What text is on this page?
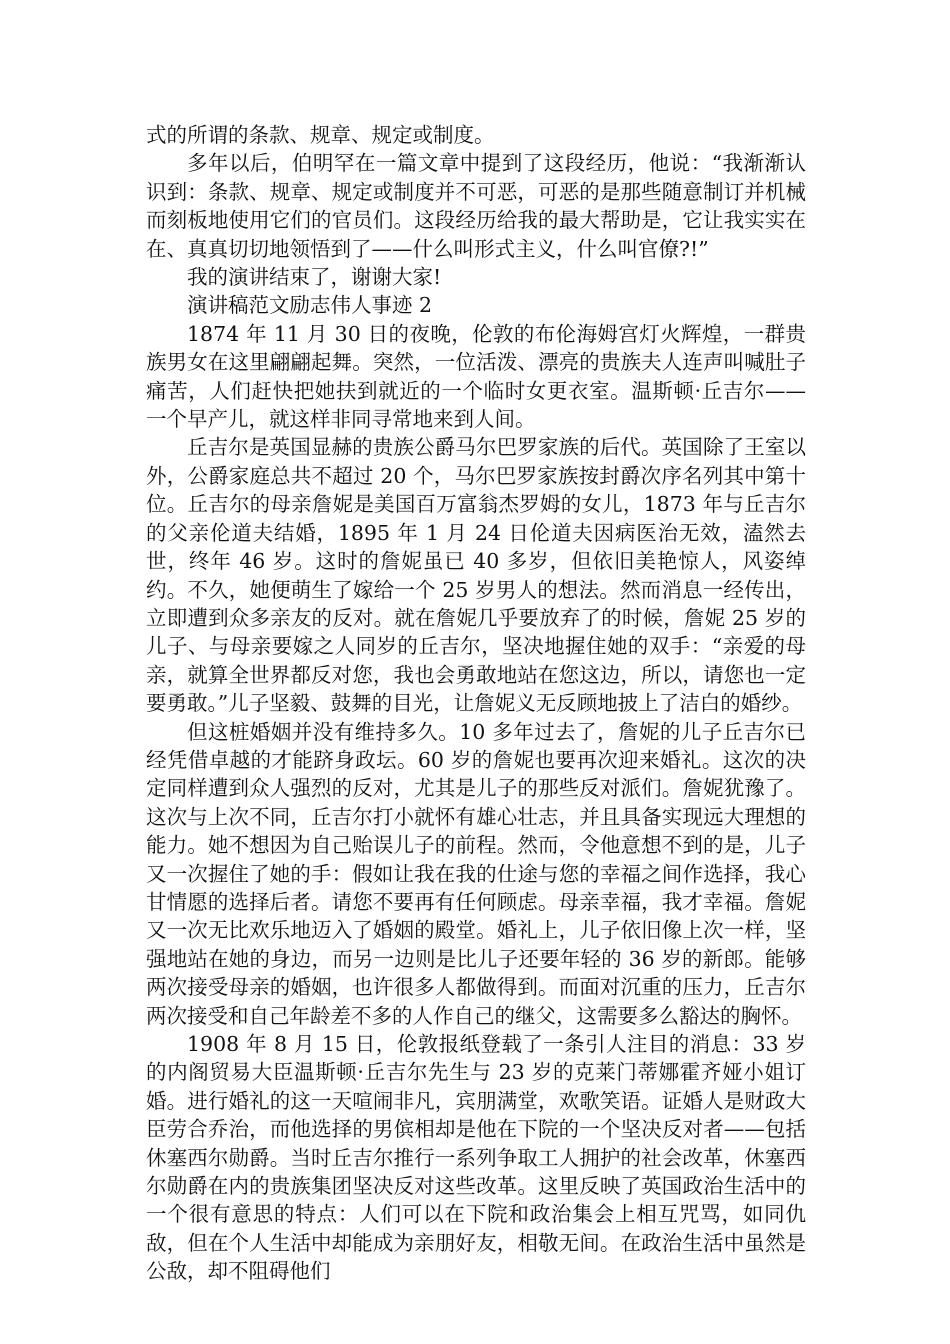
式的所谓的条款、规章、规定或制度。

多年以后，伯明罕在一篇文章中提到了这段经历，他说：“我渐渐认识到：条款、规章、规定或制度并不可恶，可恶的是那些随意制订并机械而刻板地使用它们的官员们。这段经历给我的最大帮助是，它让我实实在在、真真切切地领悟到了——什么叫形式主义，什么叫官僚?!”

我的演讲结束了，谢谢大家!

演讲稿范文励志伟人事迹 2

1874 年 11 月 30 日的夜晚，伦敦的布伦海姆宫灯火辉煌，一群贵族男女在这里翩翩起舞。突然，一位活泼、漂亮的贵族夫人连声叫喊肚子痛苦，人们赶快把她扶到就近的一个临时女更衣室。温斯顿·丘吉尔——一个早产儿，就这样非同寻常地来到人间。

丘吉尔是英国显赫的贵族公爵马尔巴罗家族的后代。英国除了王室以外，公爵家庭总共不超过 20 个，马尔巴罗家族按封爵次序名列其中第十位。丘吉尔的母亲詹妮是美国百万富翁杰罗姆的女儿，1873 年与丘吉尔的父亲伦道夫结婚，1895 年 1 月 24 日伦道夫因病医治无效，溘然去世，终年 46 岁。这时的詹妮虽已 40 多岁，但依旧美艳惊人，风姿绰约。不久，她便萌生了嫁给一个 25 岁男人的想法。然而消息一经传出，立即遭到众多亲友的反对。就在詹妮几乎要放弃了的时候，詹妮 25 岁的儿子、与母亲要嫁之人同岁的丘吉尔，坚决地握住她的双手：“亲爱的母亲，就算全世界都反对您，我也会勇敢地站在您这边，所以，请您也一定要勇敢。”儿子坚毅、鼓舞的目光，让詹妮义无反顾地披上了洁白的婚纱。

但这桩婚姻并没有维持多久。10 多年过去了，詹妮的儿子丘吉尔已经凭借卓越的才能跻身政坛。60 岁的詹妮也要再次迎来婚礼。这次的决定同样遭到众人强烈的反对，尤其是儿子的那些反对派们。詹妮犹豫了。这次与上次不同，丘吉尔打小就怀有雄心壮志，并且具备实现远大理想的能力。她不想因为自己贻误儿子的前程。然而，令他意想不到的是，儿子又一次握住了她的手：假如让我在我的仕途与您的幸福之间作选择，我心甘情愿的选择后者。请您不要再有任何顾虑。母亲幸福，我才幸福。詹妮又一次无比欢乐地迈入了婚姻的殿堂。婚礼上，儿子依旧像上次一样，坚强地站在她的身边，而另一边则是比儿子还要年轻的 36 岁的新郎。能够两次接受母亲的婚姻，也许很多人都做得到。而面对沉重的压力，丘吉尔两次接受和自己年龄差不多的人作自己的继父，这需要多么豁达的胸怀。

1908 年 8 月 15 日，伦敦报纸登载了一条引人注目的消息：33 岁的内阁贸易大臣温斯顿·丘吉尔先生与 23 岁的克莱门蒂娜霍齐娅小姐订婚。进行婚礼的这一天喧闹非凡，宾朋满堂，欢歌笑语。证婚人是财政大臣劳合乔治，而他选择的男傧相却是他在下院的一个坚决反对者——包括休塞西尔勋爵。当时丘吉尔推行一系列争取工人拥护的社会改革，休塞西尔勋爵在内的贵族集团坚决反对这些改革。这里反映了英国政治生活中的一个很有意思的特点：人们可以在下院和政治集会上相互咒骂，如同仇敌，但在个人生活中却能成为亲朋好友，相敬无间。在政治生活中虽然是公敌，却不阻碍他们
